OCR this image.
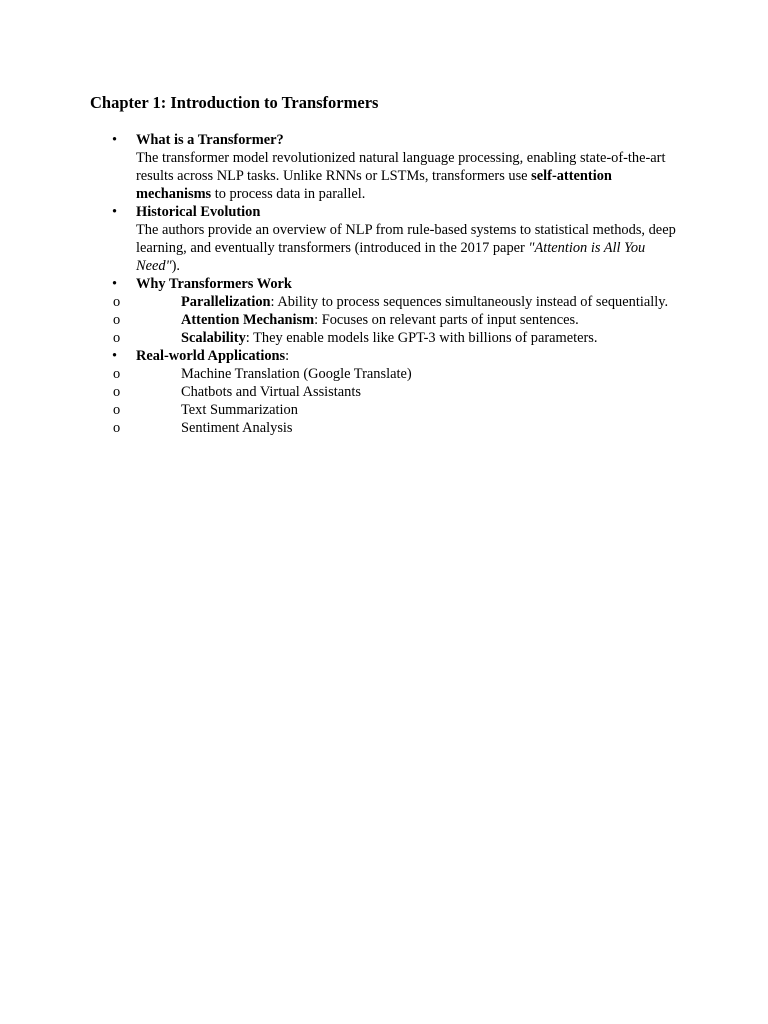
Chapter 1: Introduction to Transformers
•	What is a Transformer?
The transformer model revolutionized natural language processing, enabling state-of-the-art results across NLP tasks. Unlike RNNs or LSTMs, transformers use self-attention mechanisms to process data in parallel.
•	Historical Evolution
The authors provide an overview of NLP from rule-based systems to statistical methods, deep learning, and eventually transformers (introduced in the 2017 paper "Attention is All You Need").
•	Why Transformers Work
o	Parallelization: Ability to process sequences simultaneously instead of sequentially.
o	Attention Mechanism: Focuses on relevant parts of input sentences.
o	Scalability: They enable models like GPT-3 with billions of parameters.
•	Real-world Applications:
o	Machine Translation (Google Translate)
o	Chatbots and Virtual Assistants
o	Text Summarization
o	Sentiment Analysis
